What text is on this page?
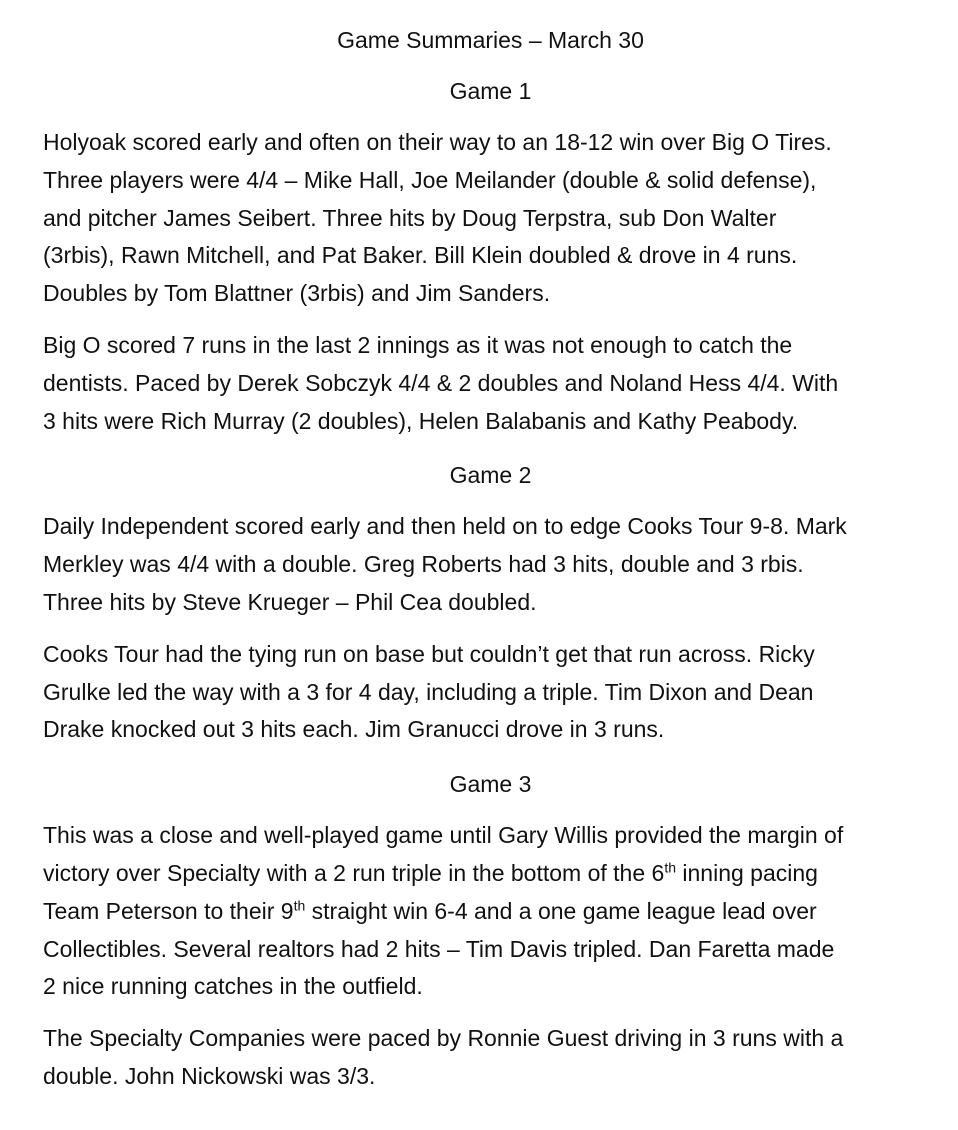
Game Summaries – March 30
Game 1

Holyoak scored early and often on their way to an 18-12 win over Big O Tires.
Three players were 4/4 – Mike Hall, Joe Meilander (double & solid defense),
and pitcher James Seibert. Three hits by Doug Terpstra, sub Don Walter
(3rbis), Rawn Mitchell, and Pat Baker. Bill Klein doubled & drove in 4 runs.
Doubles by Tom Blattner (3rbis) and Jim Sanders.

Big O scored 7 runs in the last 2 innings as it was not enough to catch the
dentists. Paced by Derek Sobczyk 4/4 & 2 doubles and Noland Hess 4/4. With
3 hits were Rich Murray (2 doubles), Helen Balabanis and Kathy Peabody.

Game 2

Daily Independent scored early and then held on to edge Cooks Tour 9-8. Mark
Merkley was 4/4 with a double. Greg Roberts had 3 hits, double and 3 rbis.
Three hits by Steve Krueger – Phil Cea doubled.

Cooks Tour had the tying run on base but couldn’t get that run across. Ricky
Grulke led the way with a 3 for 4 day, including a triple. Tim Dixon and Dean
Drake knocked out 3 hits each. Jim Granucci drove in 3 runs.

Game 3

This was a close and well-played game until Gary Willis provided the margin of
victory over Specialty with a 2 run triple in the bottom of the 6th inning pacing
Team Peterson to their 9th straight win 6-4 and a one game league lead over
Collectibles. Several realtors had 2 hits – Tim Davis tripled. Dan Faretta made
2 nice running catches in the outfield.

The Specialty Companies were paced by Ronnie Guest driving in 3 runs with a
double. John Nickowski was 3/3.
